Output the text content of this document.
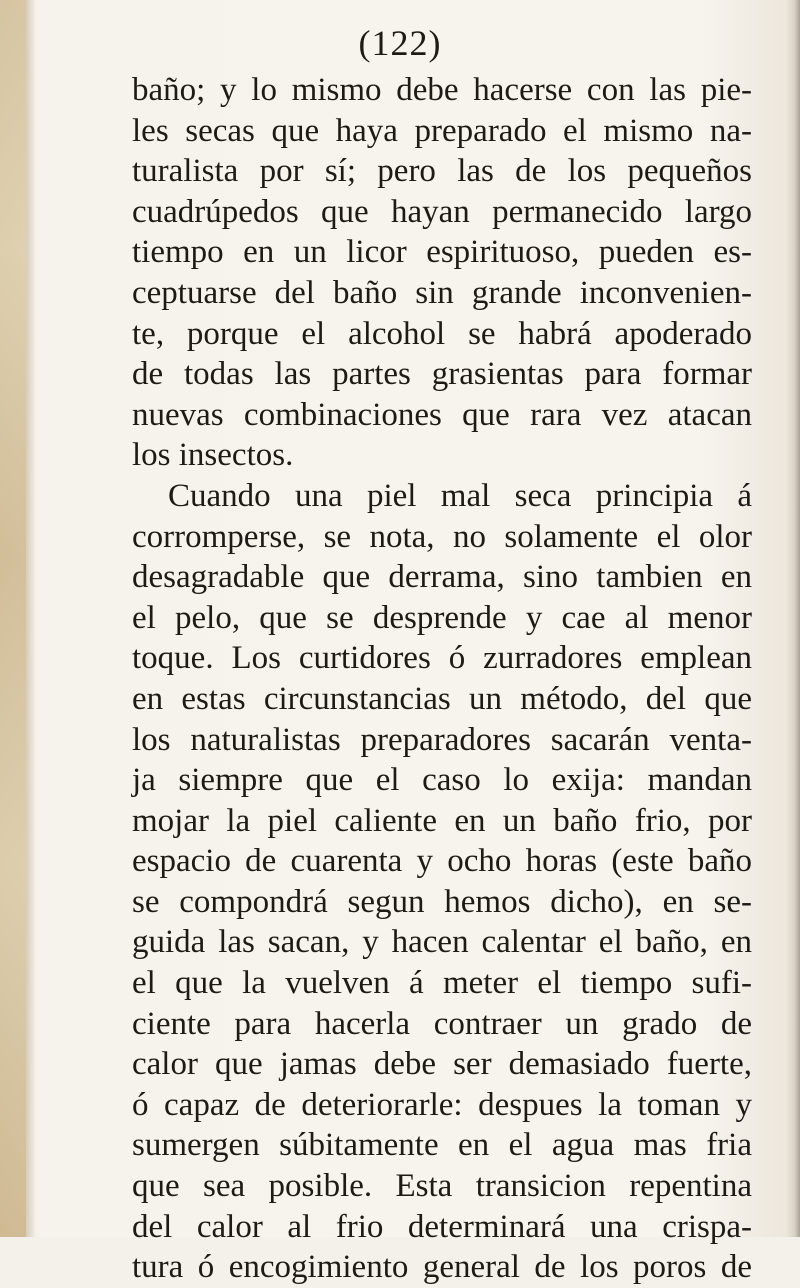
(122)
baño; y lo mismo debe hacerse con las pie-
les secas que haya preparado el mismo na-
turalista por sí; pero las de los pequeños
cuadrúpedos que hayan permanecido largo
tiempo en un licor espirituoso, pueden es-
ceptuarse del baño sin grande inconvenien-
te, porque el alcohol se habrá apoderado
de todas las partes grasientas para formar
nuevas combinaciones que rara vez atacan
los insectos.
Cuando una piel mal seca principia á
corromperse, se nota, no solamente el olor
desagradable que derrama, sino tambien en
el pelo, que se desprende y cae al menor
toque. Los curtidores ó zurradores emplean
en estas circunstancias un método, del que
los naturalistas preparadores sacarán venta-
ja siempre que el caso lo exija: mandan
mojar la piel caliente en un baño frio, por
espacio de cuarenta y ocho horas (este baño
se compondrá segun hemos dicho), en se-
guida las sacan, y hacen calentar el baño, en
el que la vuelven á meter el tiempo sufi-
ciente para hacerla contraer un grado de
calor que jamas debe ser demasiado fuerte,
ó capaz de deteriorarle: despues la toman y
sumergen súbitamente en el agua mas fria
que sea posible. Esta transicion repentina
del calor al frio determinará una crispa-
tura ó encogimiento general de los poros de
